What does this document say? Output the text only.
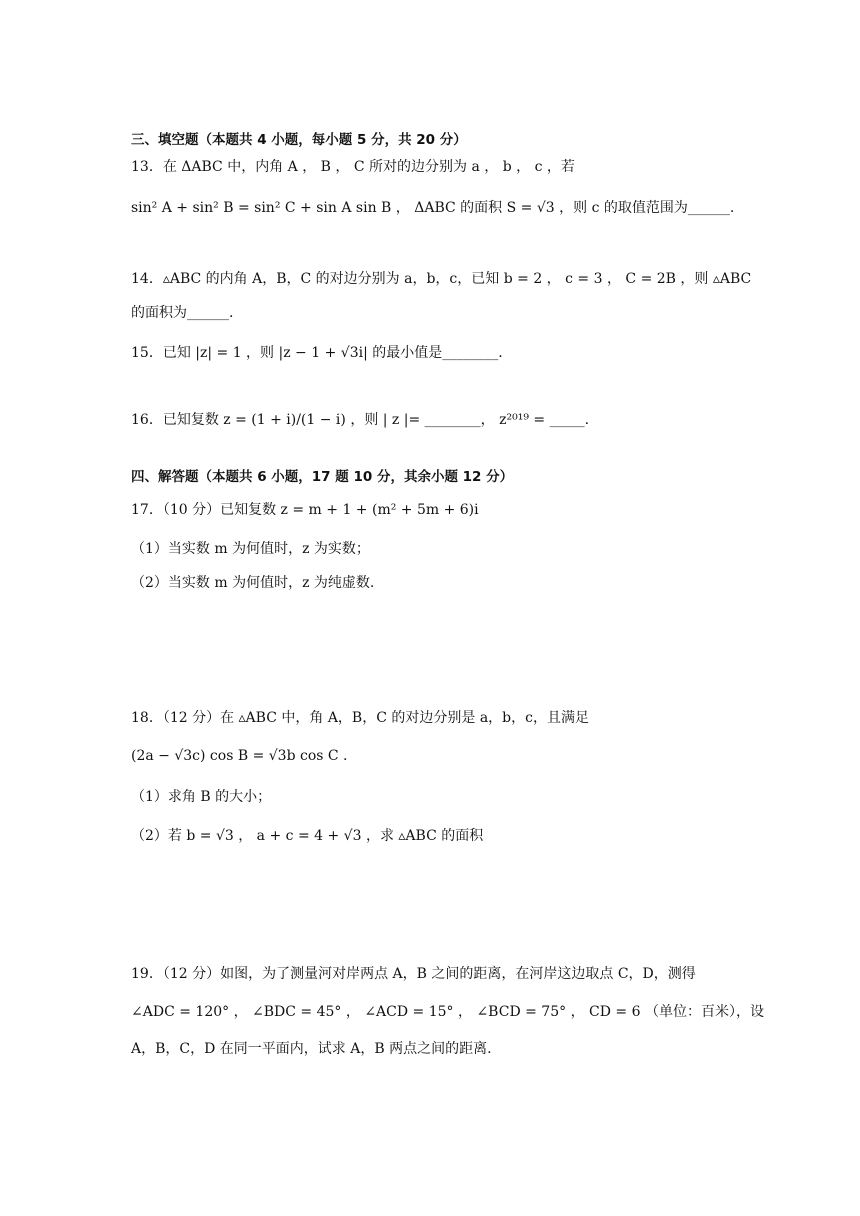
三、填空题（本题共 4 小题，每小题 5 分，共 20 分）
13．在 ΔABC 中，内角 A ， B ， C 所对的边分别为 a ， b ， c ，若
sin² A + sin² B = sin² C + sin A sin B ， ΔABC 的面积 S = √3 ，则 c 的取值范围为______.
14．▵ABC 的内角 A，B，C 的对边分别为 a，b，c，已知 b = 2 ， c = 3 ， C = 2B ，则 ▵ABC
的面积为______.
15．已知 |z| = 1 ，则 |z − 1 + √3i| 的最小值是________.
16．已知复数 z = (1 + i)/(1 − i) ，则 | z |= ________， z²⁰¹⁹ = _____.
四、解答题（本题共 6 小题，17 题 10 分，其余小题 12 分）
17．（10 分）已知复数 z = m + 1 + (m² + 5m + 6)i
（1）当实数 m 为何值时，z 为实数；
（2）当实数 m 为何值时，z 为纯虚数.
18．（12 分）在 ▵ABC 中，角 A，B，C 的对边分别是 a，b，c，且满足
(2a − √3c) cos B = √3b cos C .
（1）求角 B 的大小；
（2）若 b = √3 ， a + c = 4 + √3 ，求 ▵ABC 的面积
19．（12 分）如图，为了测量河对岸两点 A，B 之间的距离，在河岸这边取点 C，D，测得
∠ADC = 120° ， ∠BDC = 45° ， ∠ACD = 15° ， ∠BCD = 75° ， CD = 6 （单位：百米），设
A，B，C，D 在同一平面内，试求 A，B 两点之间的距离.
